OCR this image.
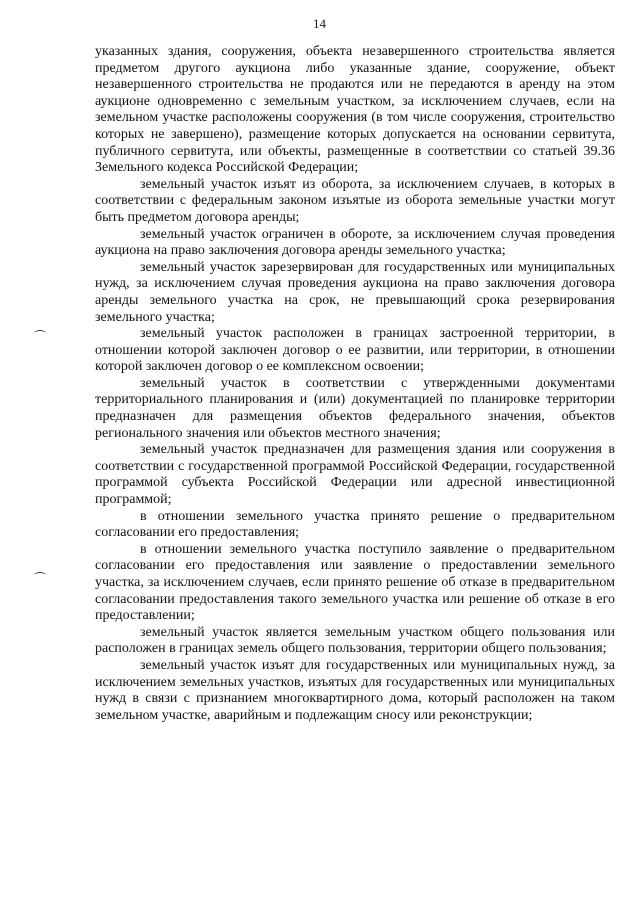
14

указанных здания, сооружения, объекта незавершенного строительства является предметом другого аукциона либо указанные здание, сооружение, объект незавершенного строительства не продаются или не передаются в аренду на этом аукционе одновременно с земельным участком, за исключением случаев, если на земельном участке расположены сооружения (в том числе сооружения, строительство которых не завершено), размещение которых допускается на основании сервитута, публичного сервитута, или объекты, размещенные в соответствии со статьей 39.36 Земельного кодекса Российской Федерации;

земельный участок изъят из оборота, за исключением случаев, в которых в соответствии с федеральным законом изъятые из оборота земельные участки могут быть предметом договора аренды;

земельный участок ограничен в обороте, за исключением случая проведения аукциона на право заключения договора аренды земельного участка;

земельный участок зарезервирован для государственных или муниципальных нужд, за исключением случая проведения аукциона на право заключения договора аренды земельного участка на срок, не превышающий срока резервирования земельного участка;

земельный участок расположен в границах застроенной территории, в отношении которой заключен договор о ее развитии, или территории, в отношении которой заключен договор о ее комплексном освоении;

земельный участок в соответствии с утвержденными документами территориального планирования и (или) документацией по планировке территории предназначен для размещения объектов федерального значения, объектов регионального значения или объектов местного значения;

земельный участок предназначен для размещения здания или сооружения в соответствии с государственной программой Российской Федерации, государственной программой субъекта Российской Федерации или адресной инвестиционной программой;

в отношении земельного участка принято решение о предварительном согласовании его предоставления;

в отношении земельного участка поступило заявление о предварительном согласовании его предоставления или заявление о предоставлении земельного участка, за исключением случаев, если принято решение об отказе в предварительном согласовании предоставления такого земельного участка или решение об отказе в его предоставлении;

земельный участок является земельным участком общего пользования или расположен в границах земель общего пользования, территории общего пользования;

земельный участок изъят для государственных или муниципальных нужд, за исключением земельных участков, изъятых для государственных или муниципальных нужд в связи с признанием многоквартирного дома, который расположен на таком земельном участке, аварийным и подлежащим сносу или реконструкции;
